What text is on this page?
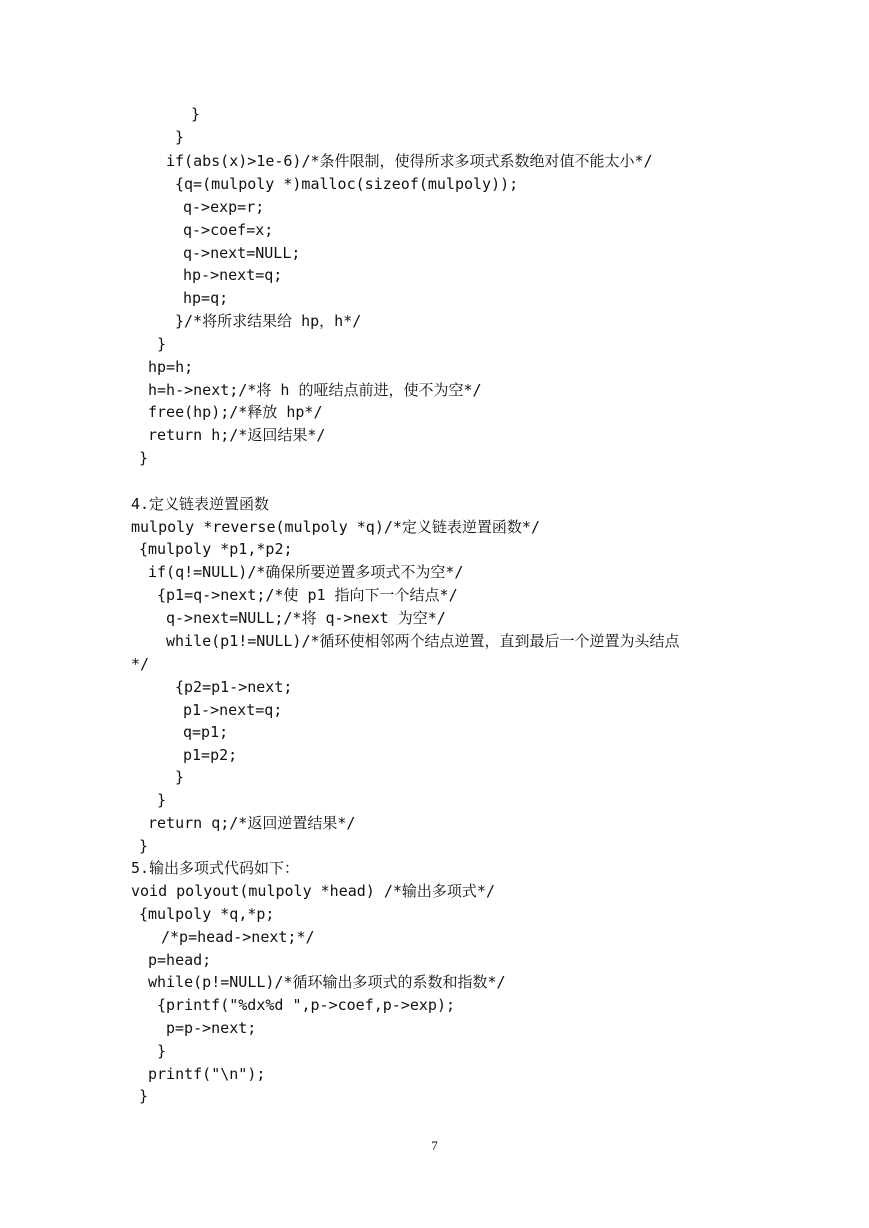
}
}
if(abs(x)>1e-6)/*条件限制，使得所求多项式系数绝对值不能太小*/
{q=(mulpoly *)malloc(sizeof(mulpoly));
q->exp=r;
q->coef=x;
q->next=NULL;
hp->next=q;
hp=q;
}/*将所求结果给 hp，h*/
}
hp=h;
h=h->next;/*将 h 的哑结点前进，使不为空*/
free(hp);/*释放 hp*/
return h;/*返回结果*/
}
4.定义链表逆置函数
mulpoly *reverse(mulpoly *q)/*定义链表逆置函数*/
{mulpoly *p1,*p2;
if(q!=NULL)/*确保所要逆置多项式不为空*/
{p1=q->next;/*使 p1 指向下一个结点*/
q->next=NULL;/*将 q->next 为空*/
while(p1!=NULL)/*循环使相邻两个结点逆置，直到最后一个逆置为头结点
*/
{p2=p1->next;
p1->next=q;
q=p1;
p1=p2;
}
}
return q;/*返回逆置结果*/
}
5.输出多项式代码如下：
void polyout(mulpoly *head) /*输出多项式*/
{mulpoly *q,*p;
/*p=head->next;*/
p=head;
while(p!=NULL)/*循环输出多项式的系数和指数*/
{printf("%dx%d ",p->coef,p->exp);
p=p->next;
}
printf("\n");
}
7
